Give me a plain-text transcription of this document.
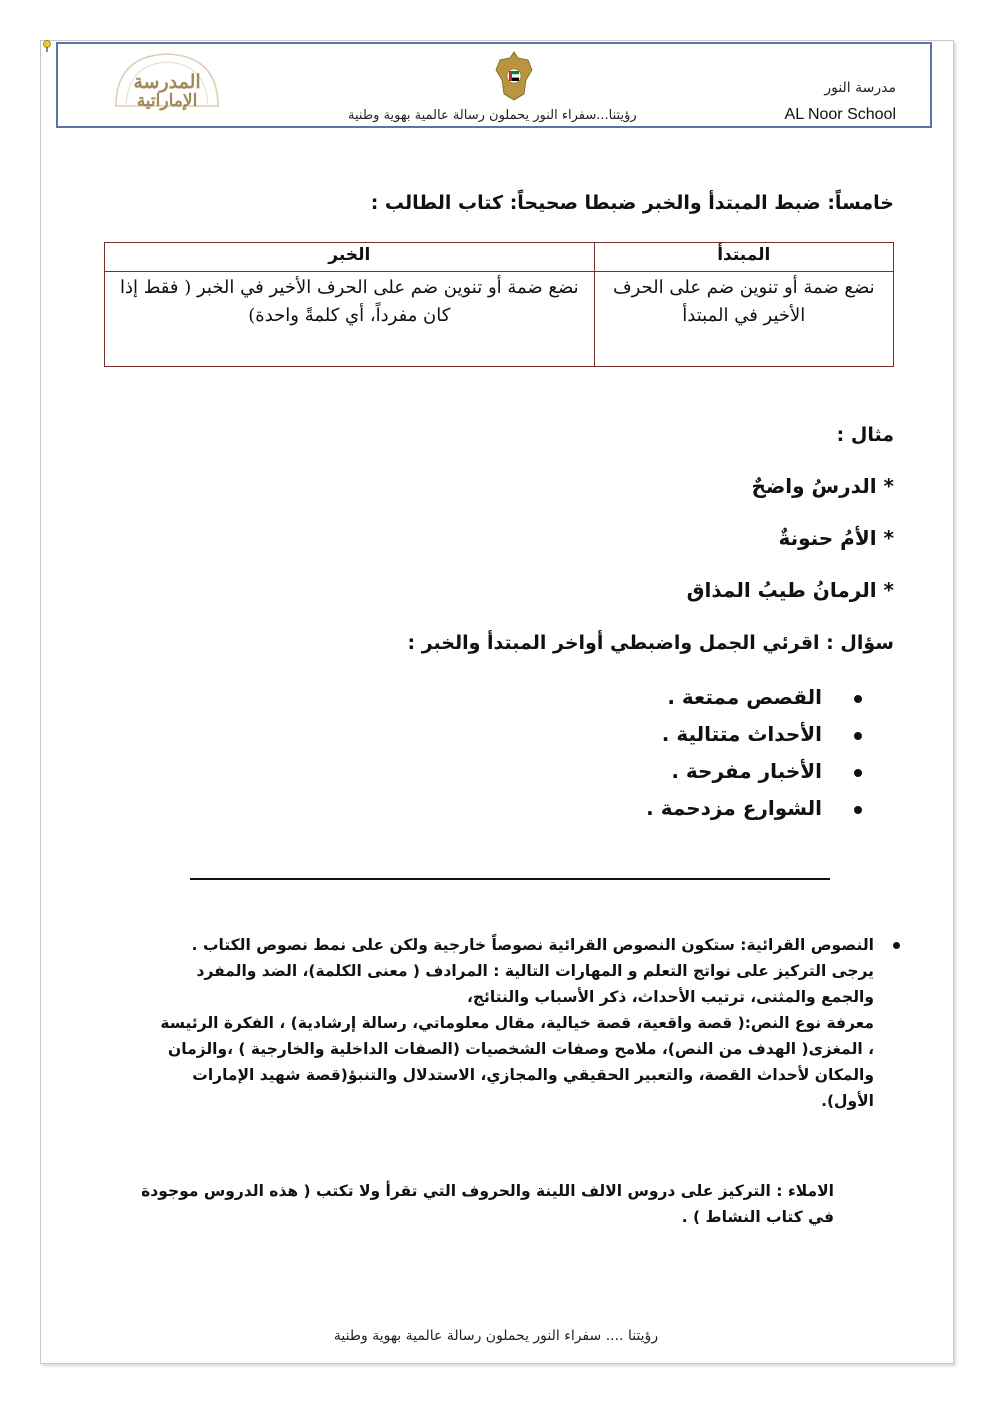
المدرسة
الإماراتية
رؤيتنا...سفراء النور يحملون رسالة عالمية بهوية وطنية
مدرسة النور
AL Noor School
خامساً: ضبط المبتدأ والخبر ضبطا صحيحاً: كتاب الطالب :
المبتدأ	الخبر
نضع ضمة أو تنوين ضم على الحرف الأخير في المبتدأ	نضع ضمة أو تنوين ضم على الحرف الأخير في الخبر ( فقط إذا كان مفرداً، أي كلمةً واحدة)
مثال :
* الدرسُ واضحٌ
* الأمُ حنونةٌ
* الرمانُ طيبُ المذاق
سؤال : اقرئي الجمل واضبطي أواخر المبتدأ والخبر :
القصص ممتعة .
الأحداث متتالية .
الأخبار مفرحة .
الشوارع مزدحمة .

النصوص القرائية: ستكون النصوص القرائية نصوصاً خارجية ولكن على نمط نصوص الكتاب .

يرجى التركيز على نواتج التعلم و المهارات التالية : المرادف ( معنى الكلمة)، الضد والمفرد والجمع والمثنى، ترتيب الأحداث، ذكر الأسباب والنتائج،

معرفة نوع النص:( قصة واقعية، قصة خيالية، مقال معلوماتي، رسالة إرشادية) ، الفكرة الرئيسة ، المغزى( الهدف من النص)، ملامح وصفات الشخصيات (الصفات الداخلية والخارجية ) ،والزمان والمكان لأحداث القصة، والتعبير الحقيقي والمجازي، الاستدلال والتنبؤ(قصة شهيد الإمارات الأول).

الاملاء : التركيز على دروس الالف اللينة والحروف التي تقرأ ولا تكتب ( هذه الدروس موجودة في كتاب النشاط ) .
رؤيتنا .... سفراء النور يحملون رسالة عالمية بهوية وطنية
